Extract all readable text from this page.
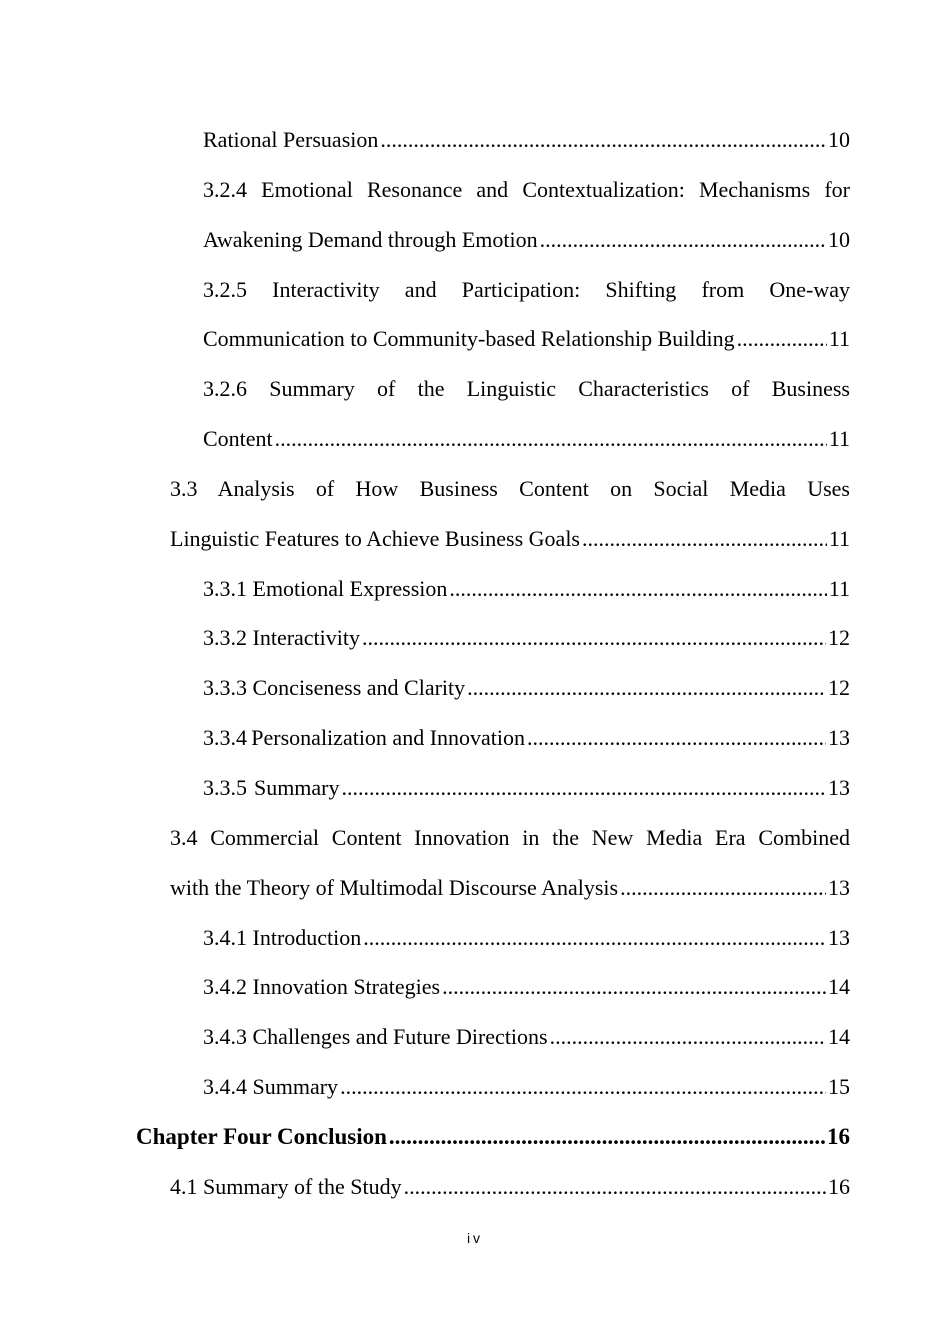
Rational Persuasion .....	10
3.2.4 Emotional Resonance and Contextualization: Mechanisms for
Awakening Demand through Emotion .....	10
3.2.5 Interactivity and Participation: Shifting from One-way
Communication to Community-based Relationship Building .....	11
3.2.6 Summary of the Linguistic Characteristics of Business
Content .....	11
3.3 Analysis of How Business Content on Social Media Uses
Linguistic Features to Achieve Business Goals .....	11
3.3.1 Emotional Expression .....	11
3.3.2 Interactivity .....	12
3.3.3 Conciseness and Clarity .....	12
3.3.4 Personalization and Innovation .....	13
3.3.5 Summary .....	13
3.4 Commercial Content Innovation in the New Media Era Combined
with the Theory of Multimodal Discourse Analysis .....	13
3.4.1 Introduction .....	13
3.4.2 Innovation Strategies .....	14
3.4.3 Challenges and Future Directions .....	14
3.4.4 Summary .....	15
Chapter Four Conclusion .....	16
4.1 Summary of the Study .....	16
iv
